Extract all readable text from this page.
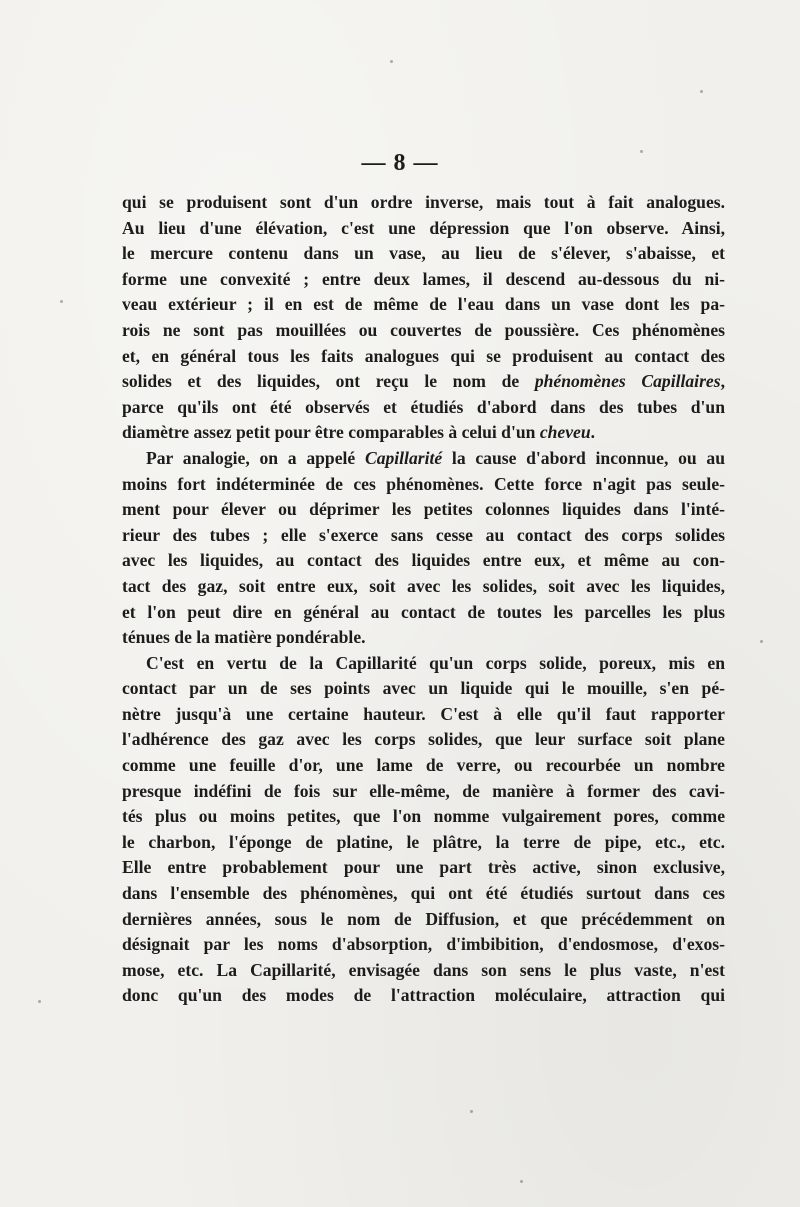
— 8 —
qui se produisent sont d'un ordre inverse, mais tout à fait analogues.
Au lieu d'une élévation, c'est une dépression que l'on observe. Ainsi,
le mercure contenu dans un vase, au lieu de s'élever, s'abaisse, et
forme une convexité ; entre deux lames, il descend au-dessous du ni-
veau extérieur ; il en est de même de l'eau dans un vase dont les pa-
rois ne sont pas mouillées ou couvertes de poussière. Ces phénomènes
et, en général tous les faits analogues qui se produisent au contact des
solides et des liquides, ont reçu le nom de phénomènes Capillaires,
parce qu'ils ont été observés et étudiés d'abord dans des tubes d'un
diamètre assez petit pour être comparables à celui d'un cheveu.
Par analogie, on a appelé Capillarité la cause d'abord inconnue, ou au
moins fort indéterminée de ces phénomènes. Cette force n'agit pas seule-
ment pour élever ou déprimer les petites colonnes liquides dans l'inté-
rieur des tubes ; elle s'exerce sans cesse au contact des corps solides
avec les liquides, au contact des liquides entre eux, et même au con-
tact des gaz, soit entre eux, soit avec les solides, soit avec les liquides,
et l'on peut dire en général au contact de toutes les parcelles les plus
ténues de la matière pondérable.
C'est en vertu de la Capillarité qu'un corps solide, poreux, mis en
contact par un de ses points avec un liquide qui le mouille, s'en pé-
nètre jusqu'à une certaine hauteur. C'est à elle qu'il faut rapporter
l'adhérence des gaz avec les corps solides, que leur surface soit plane
comme une feuille d'or, une lame de verre, ou recourbée un nombre
presque indéfini de fois sur elle-même, de manière à former des cavi-
tés plus ou moins petites, que l'on nomme vulgairement pores, comme
le charbon, l'éponge de platine, le plâtre, la terre de pipe, etc., etc.
Elle entre probablement pour une part très active, sinon exclusive,
dans l'ensemble des phénomènes, qui ont été étudiés surtout dans ces
dernières années, sous le nom de Diffusion, et que précédemment on
désignait par les noms d'absorption, d'imbibition, d'endosmose, d'exos-
mose, etc. La Capillarité, envisagée dans son sens le plus vaste, n'est
donc qu'un des modes de l'attraction moléculaire, attraction qui
